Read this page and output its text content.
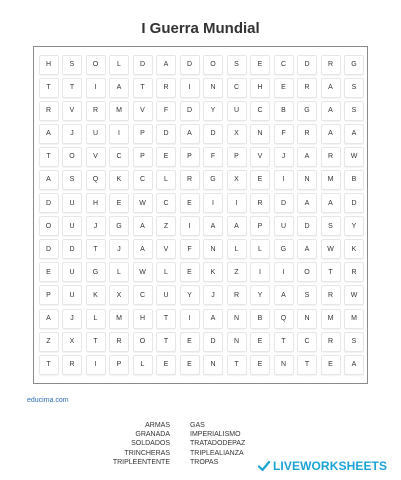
I Guerra Mundial
H	S	O	L	D	A	D	O	S	E	C	D	R	G
T	T	I	A	T	R	I	N	C	H	E	R	A	S
R	V	R	M	V	F	D	Y	U	C	B	G	A	S
A	J	U	I	P	D	A	D	X	N	F	R	A	A
T	O	V	C	P	E	P	F	P	V	J	A	R	W
A	S	Q	K	C	L	R	G	X	E	I	N	M	B
D	U	H	E	W	C	E	I	I	R	D	A	A	D
O	U	J	G	A	Z	I	A	A	P	U	D	S	Y
D	D	T	J	A	V	F	N	L	L	G	A	W	K
E	U	G	L	W	L	E	K	Z	I	I	O	T	R
P	U	K	X	C	U	Y	J	R	Y	A	S	R	W
A	J	L	M	H	T	I	A	N	B	Q	N	M	M
Z	X	T	R	O	T	E	D	N	E	T	C	R	S
T	R	I	P	L	E	E	N	T	E	N	T	E	A
educima.com
ARMAS
GRANADA
SOLDADOS
TRINCHERAS
TRIPLEENTENTE
GAS
IMPERIALISMO
TRATADODEPAZ
TRIPLEALIANZA
TROPAS	LIVEWORKSHEETS
